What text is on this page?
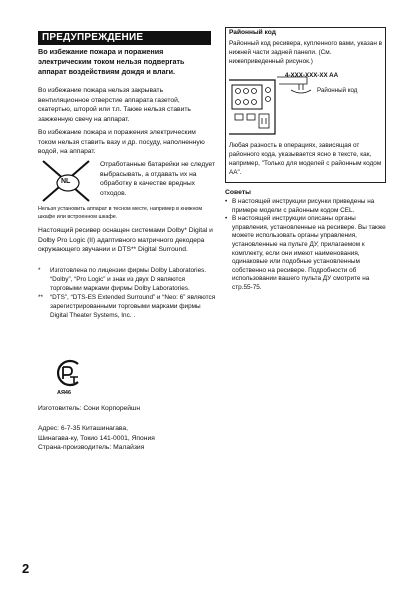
ПРЕДУПРЕЖДЕНИЕ
Во избежание пожара и поражения электрическим током нельзя подвергать аппарат воздействиям дождя и влаги.
Во избежание пожара нельзя закрывать вентиляционное отверстие аппарата газетой, скатертью, шторой или т.п. Также нельзя ставить зажженную свечу на аппарат.
Во избежание пожара и поражения электрическим током нельзя ставить вазу и др. посуду, наполненную водой, на аппарат.
NL
Отработанные батарейки не следует выбрасывать, а отдавать их на обработку в качестве вредных отходов.
Нельзя установить аппарат в тесном месте, например в книжном шкафе или встроенном шкафе.
Настоящий ресивер оснащен системами Dolby* Digital и Dolby Pro Logic (II) адаптивного матричного декодера окружающего звучании и DTS** Digital Surround.
*	Изготовлена по лицензии фирмы Dolby Laboratories.
“Dolby”, “Pro Logic” и знак из двух D являются торговыми марками фирмы Dolby Laboratories.
**	“DTS”, “DTS-ES Extended Surround” и “Neo: 6” являются зарегистрированными торговыми марками фирмы Digital Theater Systems, Inc. .
АЯ46
Изготовитель: Сони Корпорейшн
Адрес: 6-7-35 Киташинагава,
Шинагава-ку, Токио 141-0001, Япония
Страна-производитель: Малайзия
Районный код
Районный код ресивера, купленного вами, указан в нижней части задней панели. (См. нижеприведенный рисунок.)
4-XXX-XXX-XX AA
Районный код
Любая разность в операциях, зависящая от районного кода, указывается ясно в тексте, как, например, "Только для моделей с районным кодом АА".
Советы
• В настоящей инструкции рисунки приведены на примере модели с районным кодом CEL.
• В настоящей инструкции описаны органы управления, установленные на ресивере. Вы также можете использовать органы управления, установленные на пульте ДУ, прилагаемом к комплекту, если они имеют наименования, одинаковые или подобные установленным собственно на ресивере. Подробности об использовании вашего пульта ДУ смотрите на стр.55-75.
2
